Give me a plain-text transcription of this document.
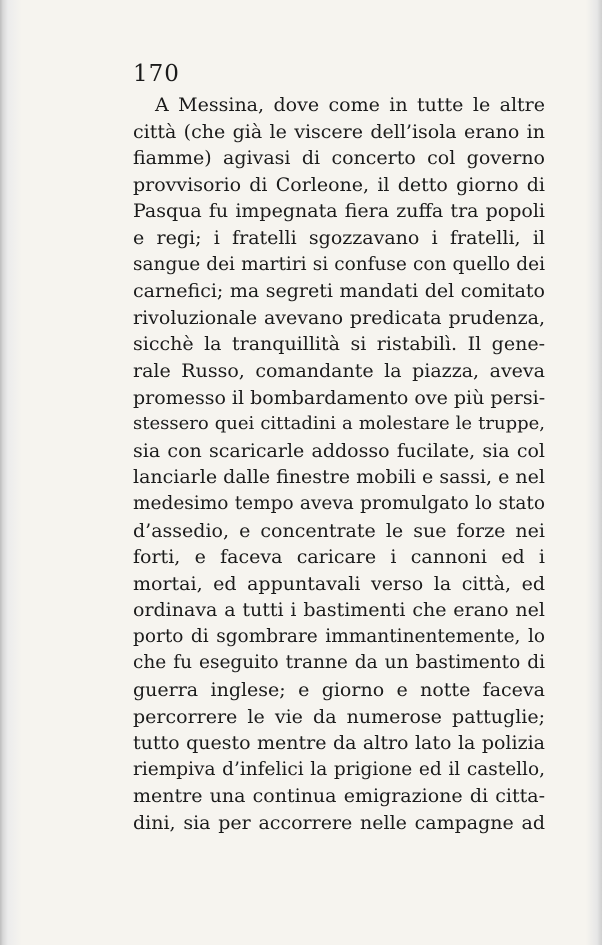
170
A Messina, dove come in tutte le altre
città (che già le viscere dell’isola erano in
fiamme) agivasi di concerto col governo
provvisorio di Corleone, il detto giorno di
Pasqua fu impegnata fiera zuffa tra popoli
e regi; i fratelli sgozzavano i fratelli, il
sangue dei martiri si confuse con quello dei
carnefici; ma segreti mandati del comitato
rivoluzionale avevano predicata prudenza,
sicchè la tranquillità si ristabilì. Il gene-
rale Russo, comandante la piazza, aveva
promesso il bombardamento ove più persi-
stessero quei cittadini a molestare le truppe,
sia con scaricarle addosso fucilate, sia col
lanciarle dalle finestre mobili e sassi, e nel
medesimo tempo aveva promulgato lo stato
d’assedio, e concentrate le sue forze nei
forti, e faceva caricare i cannoni ed i
mortai, ed appuntavali verso la città, ed
ordinava a tutti i bastimenti che erano nel
porto di sgombrare immantinentemente, lo
che fu eseguito tranne da un bastimento di
guerra inglese; e giorno e notte faceva
percorrere le vie da numerose pattuglie;
tutto questo mentre da altro lato la polizia
riempiva d’infelici la prigione ed il castello,
mentre una continua emigrazione di citta-
dini, sia per accorrere nelle campagne ad
